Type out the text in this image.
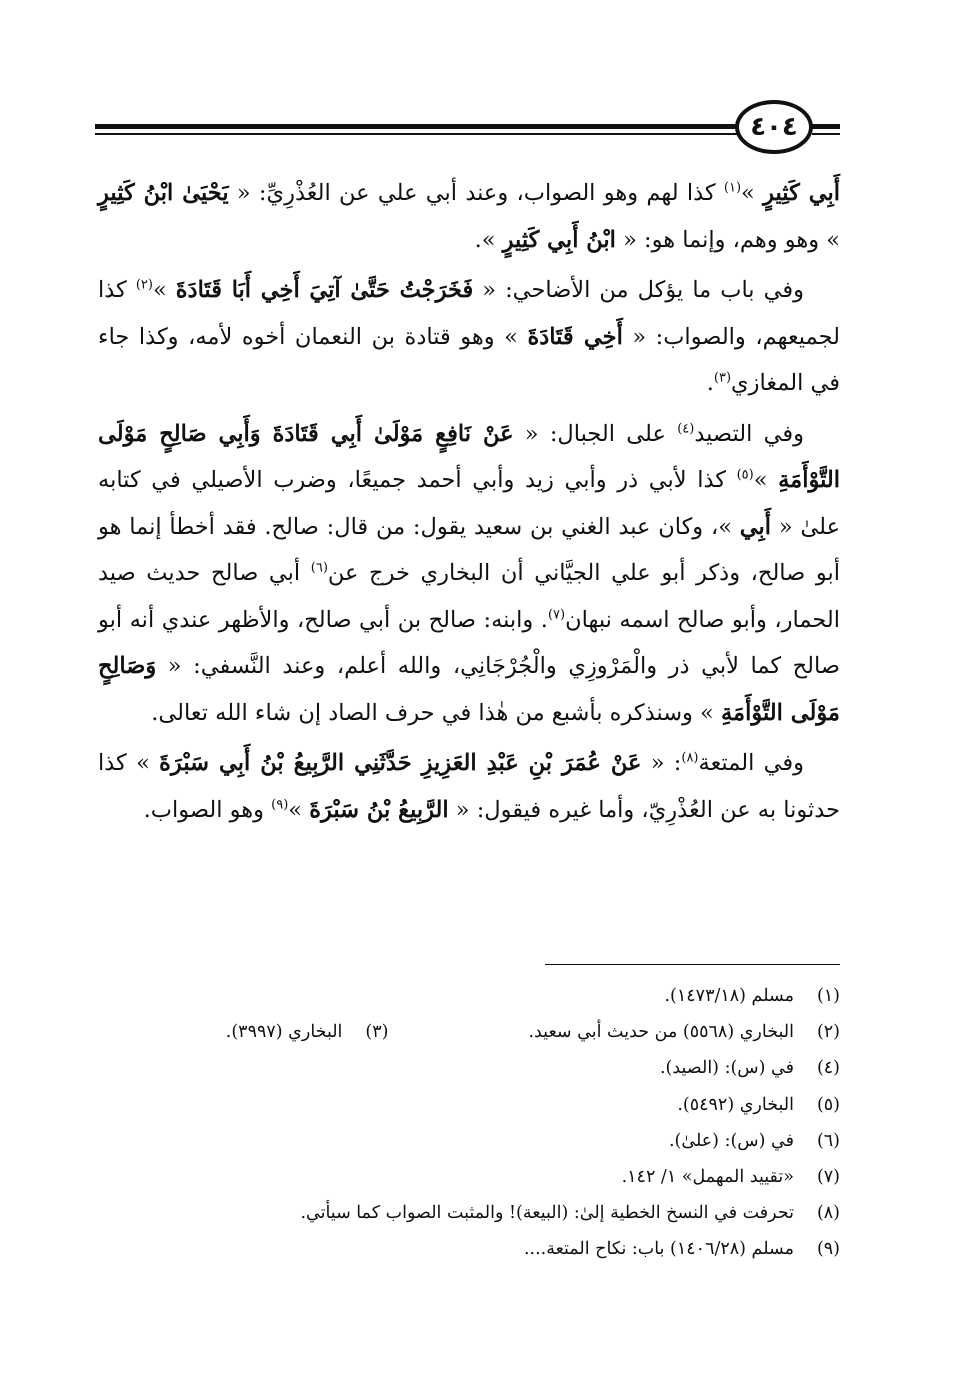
٤٠٤

أَبِي كَثِيرٍ »$^{(١)}$ كذا لهم وهو الصواب، وعند أبي علي عن العُذْرِيِّ: « يَحْيَىٰ ابْنُ كَثِيرٍ » وهو وهم، وإنما هو: « ابْنُ أَبِي كَثِيرٍ ».

وفي باب ما يؤكل من الأضاحي: « فَخَرَجْتُ حَتَّىٰ آتِيَ أَخِي أَبَا قَتَادَةَ »$^{(٢)}$ كذا لجميعهم، والصواب: « أَخِي قَتَادَةَ » وهو قتادة بن النعمان أخوه لأمه، وكذا جاء في المغازي$^{(٣)}$.

وفي التصيد$^{(٤)}$ على الجبال: « عَنْ نَافِعٍ مَوْلَىٰ أَبِي قَتَادَةَ وَأَبِي صَالِحٍ مَوْلَى التَّوْأَمَةِ »$^{(٥)}$ كذا لأبي ذر وأبي زيد وأبي أحمد جميعًا، وضرب الأصيلي في كتابه علىٰ « أَبِي »، وكان عبد الغني بن سعيد يقول: من قال: صالح. فقد أخطأ إنما هو أبو صالح، وذكر أبو علي الجيَّاني أن البخاري خرج عن$^{(٦)}$ أبي صالح حديث صيد الحمار، وأبو صالح اسمه نبهان$^{(٧)}$. وابنه: صالح بن أبي صالح، والأظهر عندي أنه أبو صالح كما لأبي ذر والْمَرْوزِي والْجُرْجَانِي، والله أعلم، وعند النَّسفي: « وَصَالِحٍ مَوْلَى التَّوْأَمَةِ » وسنذكره بأشبع من هٰذا في حرف الصاد إن شاء الله تعالى.

وفي المتعة$^{(٨)}$: « عَنْ عُمَرَ بْنِ عَبْدِ العَزِيزِ حَدَّثَنِي الرَّبِيعُ بْنُ أَبِي سَبْرَةَ » كذا حدثونا به عن العُذْرِيّ، وأما غيره فيقول: « الرَّبِيعُ بْنُ سَبْرَةَ »$^{(٩)}$ وهو الصواب.

(١)
مسلم (١٤٧٣/١٨).
(٢)
البخاري (٥٥٦٨) من حديث أبي سعيد.
(٣)
البخاري (٣٩٩٧).
(٤)
في (س): (الصيد).
(٥)
البخاري (٥٤٩٢).
(٦)
في (س): (علىٰ).
(٧)
«تقييد المهمل» ١/ ١٤٢.
(٨)
تحرفت في النسخ الخطية إلىٰ: (البيعة)! والمثبت الصواب كما سيأتي.
(٩)
مسلم (١٤٠٦/٢٨) باب: نكاح المتعة....
